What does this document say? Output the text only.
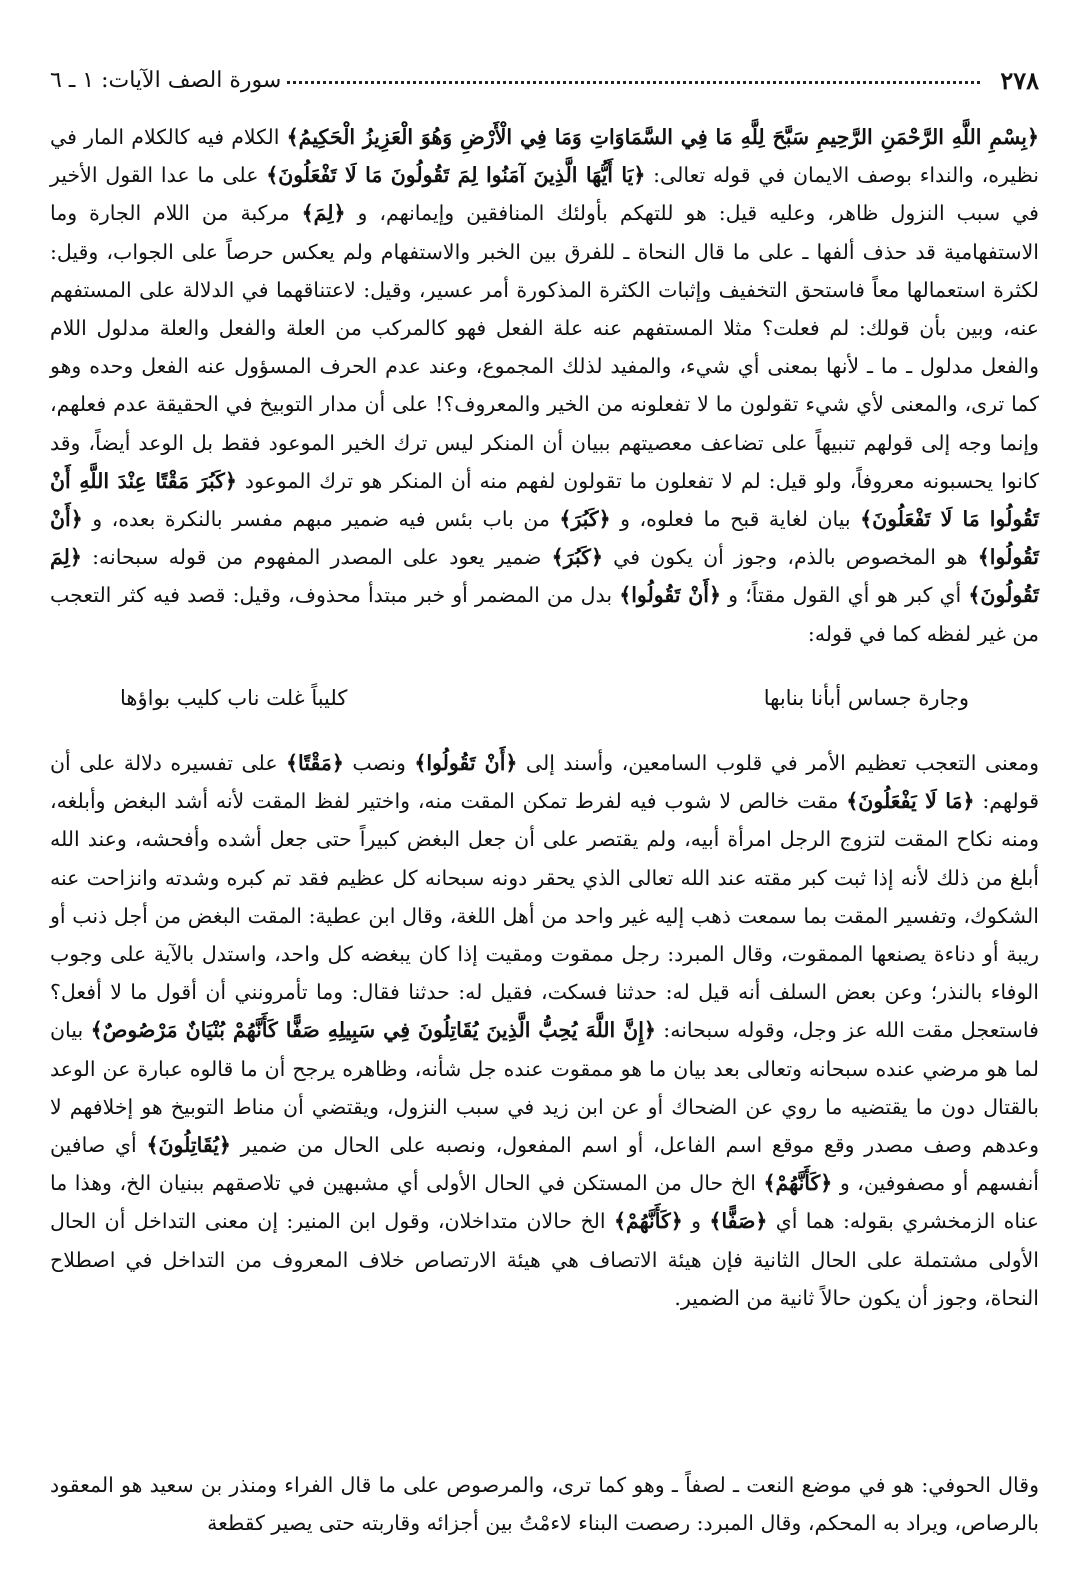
٢٧٨
سورة الصف الآيات: ١ ـ ٦

﴿بِسْمِ اللَّهِ الرَّحْمَنِ الرَّحِيمِ سَبَّحَ لِلَّهِ مَا فِي السَّمَاوَاتِ وَمَا فِي الْأَرْضِ وَهُوَ الْعَزِيزُ الْحَكِيمُ﴾ الكلام فيه كالكلام المار في نظيره، والنداء بوصف الايمان في قوله تعالى: ﴿يَا أَيُّهَا الَّذِينَ آمَنُوا لِمَ تَقُولُونَ مَا لَا تَفْعَلُونَ﴾ على ما عدا القول الأخير في سبب النزول ظاهر، وعليه قيل: هو للتهكم بأولئك المنافقين وإيمانهم، و ﴿لِمَ﴾ مركبة من اللام الجارة وما الاستفهامية قد حذف ألفها ـ على ما قال النحاة ـ للفرق بين الخبر والاستفهام ولم يعكس حرصاً على الجواب، وقيل: لكثرة استعمالها معاً فاستحق التخفيف وإثبات الكثرة المذكورة أمر عسير، وقيل: لاعتناقهما في الدلالة على المستفهم عنه، وبين بأن قولك: لم فعلت؟ مثلا المستفهم عنه علة الفعل فهو كالمركب من العلة والفعل والعلة مدلول اللام والفعل مدلول ـ ما ـ لأنها بمعنى أي شيء، والمفيد لذلك المجموع، وعند عدم الحرف المسؤول عنه الفعل وحده وهو كما ترى، والمعنى لأي شيء تقولون ما لا تفعلونه من الخير والمعروف؟! على أن مدار التوبيخ في الحقيقة عدم فعلهم، وإنما وجه إلى قولهم تنبيهاً على تضاعف معصيتهم ببيان أن المنكر ليس ترك الخير الموعود فقط بل الوعد أيضاً، وقد كانوا يحسبونه معروفاً، ولو قيل: لم لا تفعلون ما تقولون لفهم منه أن المنكر هو ترك الموعود ﴿كَبُرَ مَقْتًا عِنْدَ اللَّهِ أَنْ تَقُولُوا مَا لَا تَفْعَلُونَ﴾ بيان لغاية قبح ما فعلوه، و ﴿كَبُرَ﴾ من باب بئس فيه ضمير مبهم مفسر بالنكرة بعده، و ﴿أَنْ تَقُولُوا﴾ هو المخصوص بالذم، وجوز أن يكون في ﴿كَبُرَ﴾ ضمير يعود على المصدر المفهوم من قوله سبحانه: ﴿لِمَ تَقُولُونَ﴾ أي كبر هو أي القول مقتاً؛ و ﴿أَنْ تَقُولُوا﴾ بدل من المضمر أو خبر مبتدأ محذوف، وقيل: قصد فيه كثر التعجب من غير لفظه كما في قوله:

وجارة جساس أبأنا بنابها
كليباً غلت ناب كليب بواؤها

ومعنى التعجب تعظيم الأمر في قلوب السامعين، وأسند إلى ﴿أَنْ تَقُولُوا﴾ ونصب ﴿مَقْتًا﴾ على تفسيره دلالة على أن قولهم: ﴿مَا لَا يَفْعَلُونَ﴾ مقت خالص لا شوب فيه لفرط تمكن المقت منه، واختير لفظ المقت لأنه أشد البغض وأبلغه، ومنه نكاح المقت لتزوج الرجل امرأة أبيه، ولم يقتصر على أن جعل البغض كبيراً حتى جعل أشده وأفحشه، وعند الله أبلغ من ذلك لأنه إذا ثبت كبر مقته عند الله تعالى الذي يحقر دونه سبحانه كل عظيم فقد تم كبره وشدته وانزاحت عنه الشكوك، وتفسير المقت بما سمعت ذهب إليه غير واحد من أهل اللغة، وقال ابن عطية: المقت البغض من أجل ذنب أو ريبة أو دناءة يصنعها الممقوت، وقال المبرد: رجل ممقوت ومقيت إذا كان يبغضه كل واحد، واستدل بالآية على وجوب الوفاء بالنذر؛ وعن بعض السلف أنه قيل له: حدثنا فسكت، فقيل له: حدثنا فقال: وما تأمرونني أن أقول ما لا أفعل؟ فاستعجل مقت الله عز وجل، وقوله سبحانه: ﴿إِنَّ اللَّهَ يُحِبُّ الَّذِينَ يُقَاتِلُونَ فِي سَبِيلِهِ صَفًّا كَأَنَّهُمْ بُنْيَانٌ مَرْصُوصٌ﴾ بيان لما هو مرضي عنده سبحانه وتعالى بعد بيان ما هو ممقوت عنده جل شأنه، وظاهره يرجح أن ما قالوه عبارة عن الوعد بالقتال دون ما يقتضيه ما روي عن الضحاك أو عن ابن زيد في سبب النزول، ويقتضي أن مناط التوبيخ هو إخلافهم لا وعدهم وصف مصدر وقع موقع اسم الفاعل، أو اسم المفعول، ونصبه على الحال من ضمير ﴿يُقَاتِلُونَ﴾ أي صافين أنفسهم أو مصفوفين، و ﴿كَأَنَّهُمْ﴾ الخ حال من المستكن في الحال الأولى أي مشبهين في تلاصقهم ببنيان الخ، وهذا ما عناه الزمخشري بقوله: هما أي ﴿صَفًّا﴾ و ﴿كَأَنَّهُمْ﴾ الخ حالان متداخلان، وقول ابن المنير: إن معنى التداخل أن الحال الأولى مشتملة على الحال الثانية فإن هيئة الاتصاف هي هيئة الارتصاص خلاف المعروف من التداخل في اصطلاح النحاة، وجوز أن يكون حالاً ثانية من الضمير.

وقال الحوفي: هو في موضع النعت ـ لصفاً ـ وهو كما ترى، والمرصوص على ما قال الفراء ومنذر بن سعيد هو المعقود بالرصاص، ويراد به المحكم، وقال المبرد: رصصت البناء لاءمْتُ بين أجزائه وقاربته حتى يصير كقطعة
